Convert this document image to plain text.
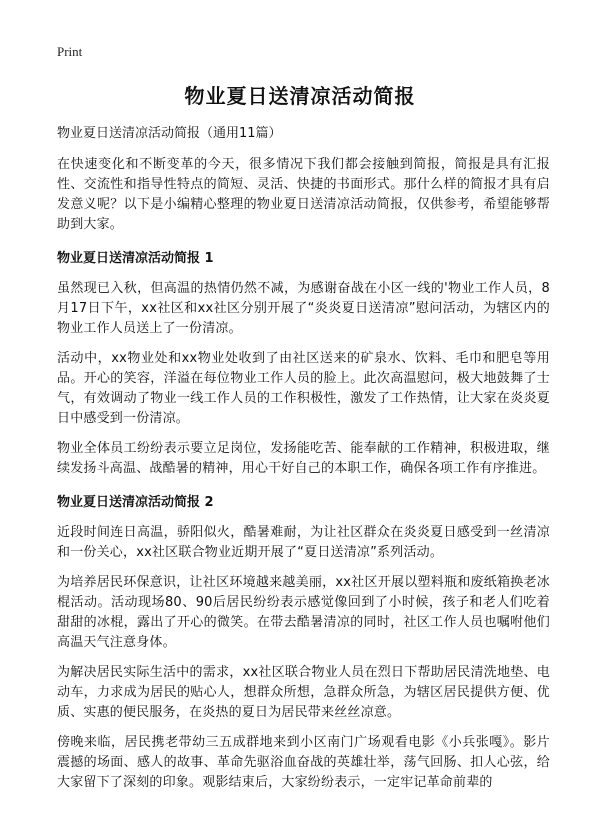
Print
物业夏日送清凉活动简报

物业夏日送清凉活动简报（通用11篇）

在快速变化和不断变革的今天，很多情况下我们都会接触到简报，简报是具有汇报性、交流性和指导性特点的简短、灵活、快捷的书面形式。那什么样的简报才具有启发意义呢？以下是小编精心整理的物业夏日送清凉活动简报，仅供参考，希望能够帮助到大家。

物业夏日送清凉活动简报 1

虽然现已入秋，但高温的热情仍然不减，为感谢奋战在小区一线的'物业工作人员，8月17日下午，xx社区和xx社区分别开展了“炎炎夏日送清凉”慰问活动，为辖区内的物业工作人员送上了一份清凉。

活动中，xx物业处和xx物业处收到了由社区送来的矿泉水、饮料、毛巾和肥皂等用品。开心的笑容，洋溢在每位物业工作人员的脸上。此次高温慰问，极大地鼓舞了士气，有效调动了物业一线工作人员的工作积极性，激发了工作热情，让大家在炎炎夏日中感受到一份清凉。

物业全体员工纷纷表示要立足岗位，发扬能吃苦、能奉献的工作精神，积极进取，继续发扬斗高温、战酷暑的精神，用心干好自己的本职工作，确保各项工作有序推进。

物业夏日送清凉活动简报 2

近段时间连日高温，骄阳似火，酷暑难耐，为让社区群众在炎炎夏日感受到一丝清凉和一份关心，xx社区联合物业近期开展了“夏日送清凉”系列活动。

为培养居民环保意识，让社区环境越来越美丽，xx社区开展以塑料瓶和废纸箱换老冰棍活动。活动现场80、90后居民纷纷表示感觉像回到了小时候，孩子和老人们吃着甜甜的冰棍，露出了开心的微笑。在带去酷暑清凉的同时，社区工作人员也嘱咐他们高温天气注意身体。

为解决居民实际生活中的需求，xx社区联合物业人员在烈日下帮助居民清洗地垫、电动车，力求成为居民的贴心人，想群众所想，急群众所急，为辖区居民提供方便、优质、实惠的便民服务，在炎热的夏日为居民带来丝丝凉意。

傍晚来临，居民携老带幼三五成群地来到小区南门广场观看电影《小兵张嘎》。影片震撼的场面、感人的故事、革命先驱浴血奋战的英雄壮举，荡气回肠、扣人心弦，给大家留下了深刻的印象。观影结束后，大家纷纷表示，一定牢记革命前辈的
